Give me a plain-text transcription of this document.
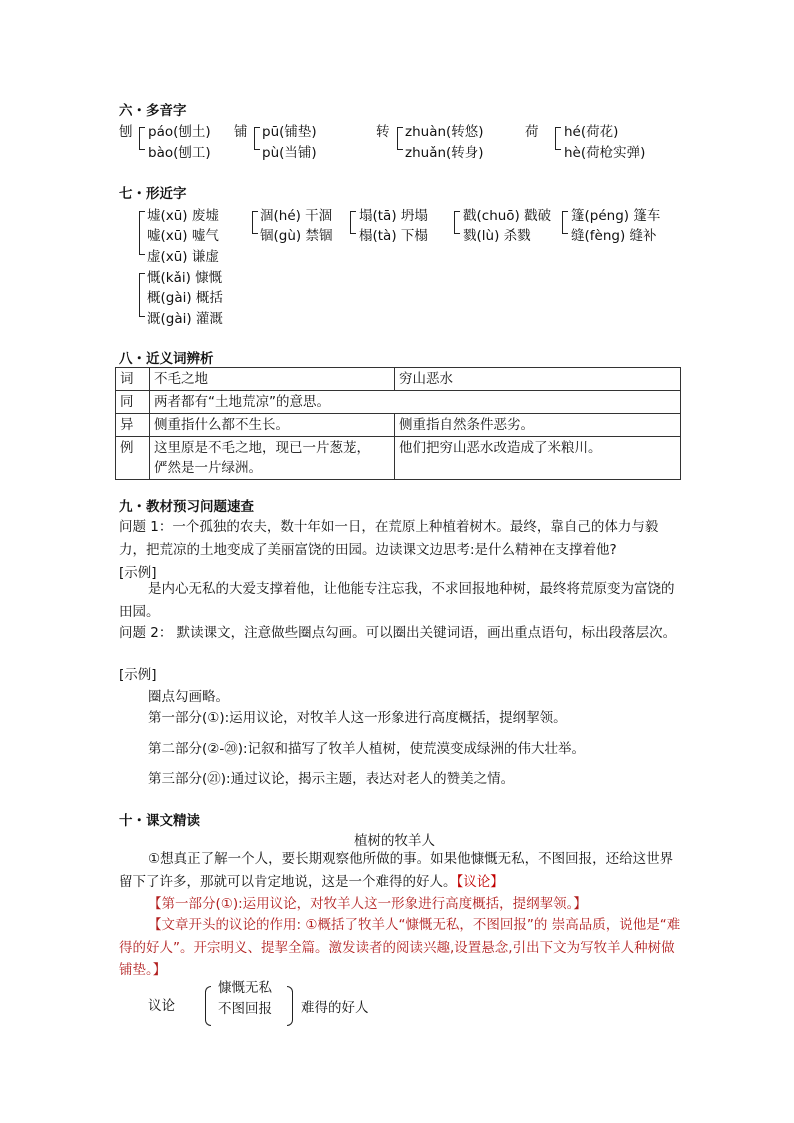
六・多音字
刨 páo(刨土)
bào(刨工)
铺 pū(铺垫)
pù(当铺)
转 zhuàn(转悠)
zhuǎn(转身)
荷 hé(荷花)
hè(荷枪实弹)
七・形近字
墟(xū) 废墟
嘘(xū) 嘘气
虚(xū) 谦虚
涸(hé) 干涸
锢(gù) 禁锢
塌(tā) 坍塌
榻(tà) 下榻
戳(chuō) 戳破
戮(lù) 杀戮
篷(péng) 篷车
缝(fèng) 缝补
慨(kǎi) 慷慨
概(gài) 概括
溉(gài) 灌溉
八・近义词辨析
词	不毛之地	穷山恶水
同	两者都有“土地荒凉”的意思。	
异	侧重指什么都不生长。	侧重指自然条件恶劣。
例	这里原是不毛之地，现已一片葱茏，
俨然是一片绿洲。	他们把穷山恶水改造成了米粮川。
九・教材预习问题速查
问题 1：一个孤独的农夫，数十年如一日，在荒原上种植着树木。最终，靠自己的体力与毅力，把荒凉的土地变成了美丽富饶的田园。边读课文边思考:是什么精神在支撑着他?
[示例]
是内心无私的大爱支撑着他，让他能专注忘我，不求回报地种树，最终将荒原变为富饶的田园。
问题 2： 默读课文，注意做些圈点勾画。可以圈出关键词语，画出重点语句，标出段落层次。
[示例]
圈点勾画略。
第一部分(①):运用议论，对牧羊人这一形象进行高度概括，提纲挈领。
第二部分(②-⑳):记叙和描写了牧羊人植树，使荒漠变成绿洲的伟大壮举。
第三部分(㉑):通过议论，揭示主题，表达对老人的赞美之情。
十・课文精读
植树的牧羊人
①想真正了解一个人，要长期观察他所做的事。如果他慷慨无私，不图回报，还给这世界留下了许多，那就可以肯定地说，这是一个难得的好人。【议论】
【第一部分(①):运用议论，对牧羊人这一形象进行高度概括，提纲挈领。】
【文章开头的议论的作用: ①概括了牧羊人“慷慨无私，不图回报”的 崇高品质，说他是“难得的好人”。开宗明义、提挈全篇。激发读者的阅读兴趣,设置悬念,引出下文为写牧羊人种树做铺垫。】
议论
慷慨无私
不图回报 难得的好人
